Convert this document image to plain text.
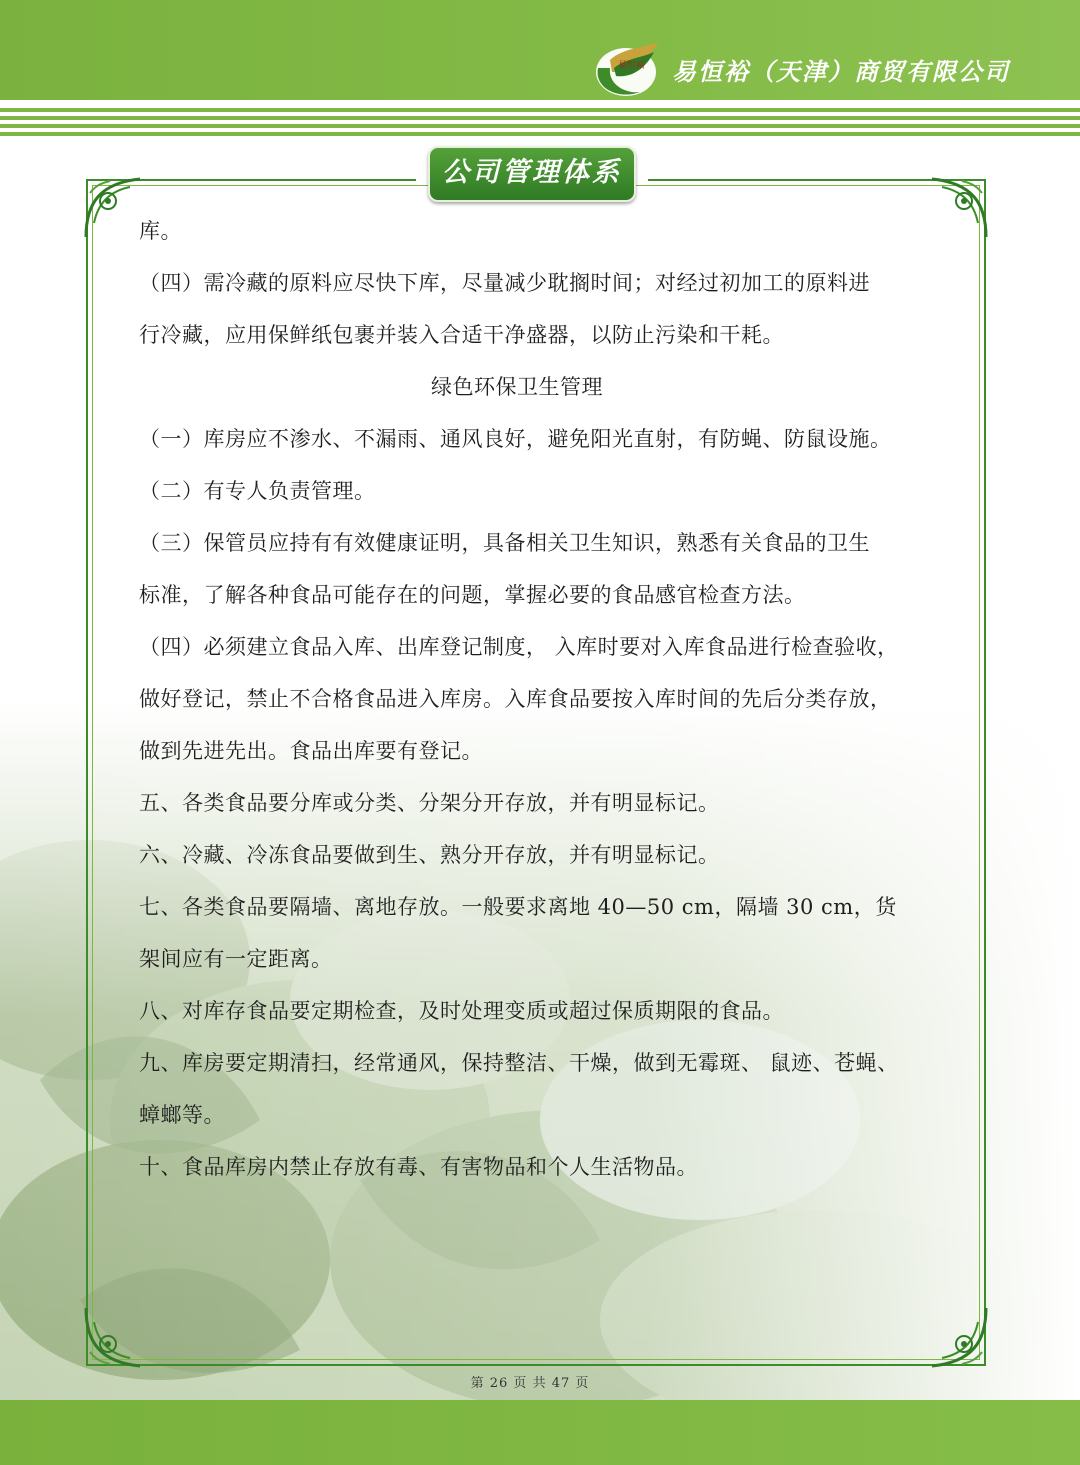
易恒裕 易恒裕（天津）商贸有限公司
公司管理体系

库。

（四）需冷藏的原料应尽快下库，尽量减少耽搁时间；对经过初加工的原料进

行冷藏，应用保鲜纸包裹并装入合适干净盛器，以防止污染和干耗。

绿色环保卫生管理

（一）库房应不渗水、不漏雨、通风良好，避免阳光直射，有防蝇、防鼠设施。

（二）有专人负责管理。

（三）保管员应持有有效健康证明，具备相关卫生知识，熟悉有关食品的卫生

标准，了解各种食品可能存在的问题，掌握必要的食品感官检查方法。

（四）必须建立食品入库、出库登记制度， 入库时要对入库食品进行检查验收，

做好登记，禁止不合格食品进入库房。入库食品要按入库时间的先后分类存放，

做到先进先出。食品出库要有登记。

五、各类食品要分库或分类、分架分开存放，并有明显标记。

六、冷藏、冷冻食品要做到生、熟分开存放，并有明显标记。

七、各类食品要隔墙、离地存放。一般要求离地 40—50 cm，隔墙 30 cm，货

架间应有一定距离。

八、对库存食品要定期检查，及时处理变质或超过保质期限的食品。

九、库房要定期清扫，经常通风，保持整洁、干燥，做到无霉斑、 鼠迹、苍蝇、

蟑螂等。

十、食品库房内禁止存放有毒、有害物品和个人生活物品。

第 26 页 共 47 页
